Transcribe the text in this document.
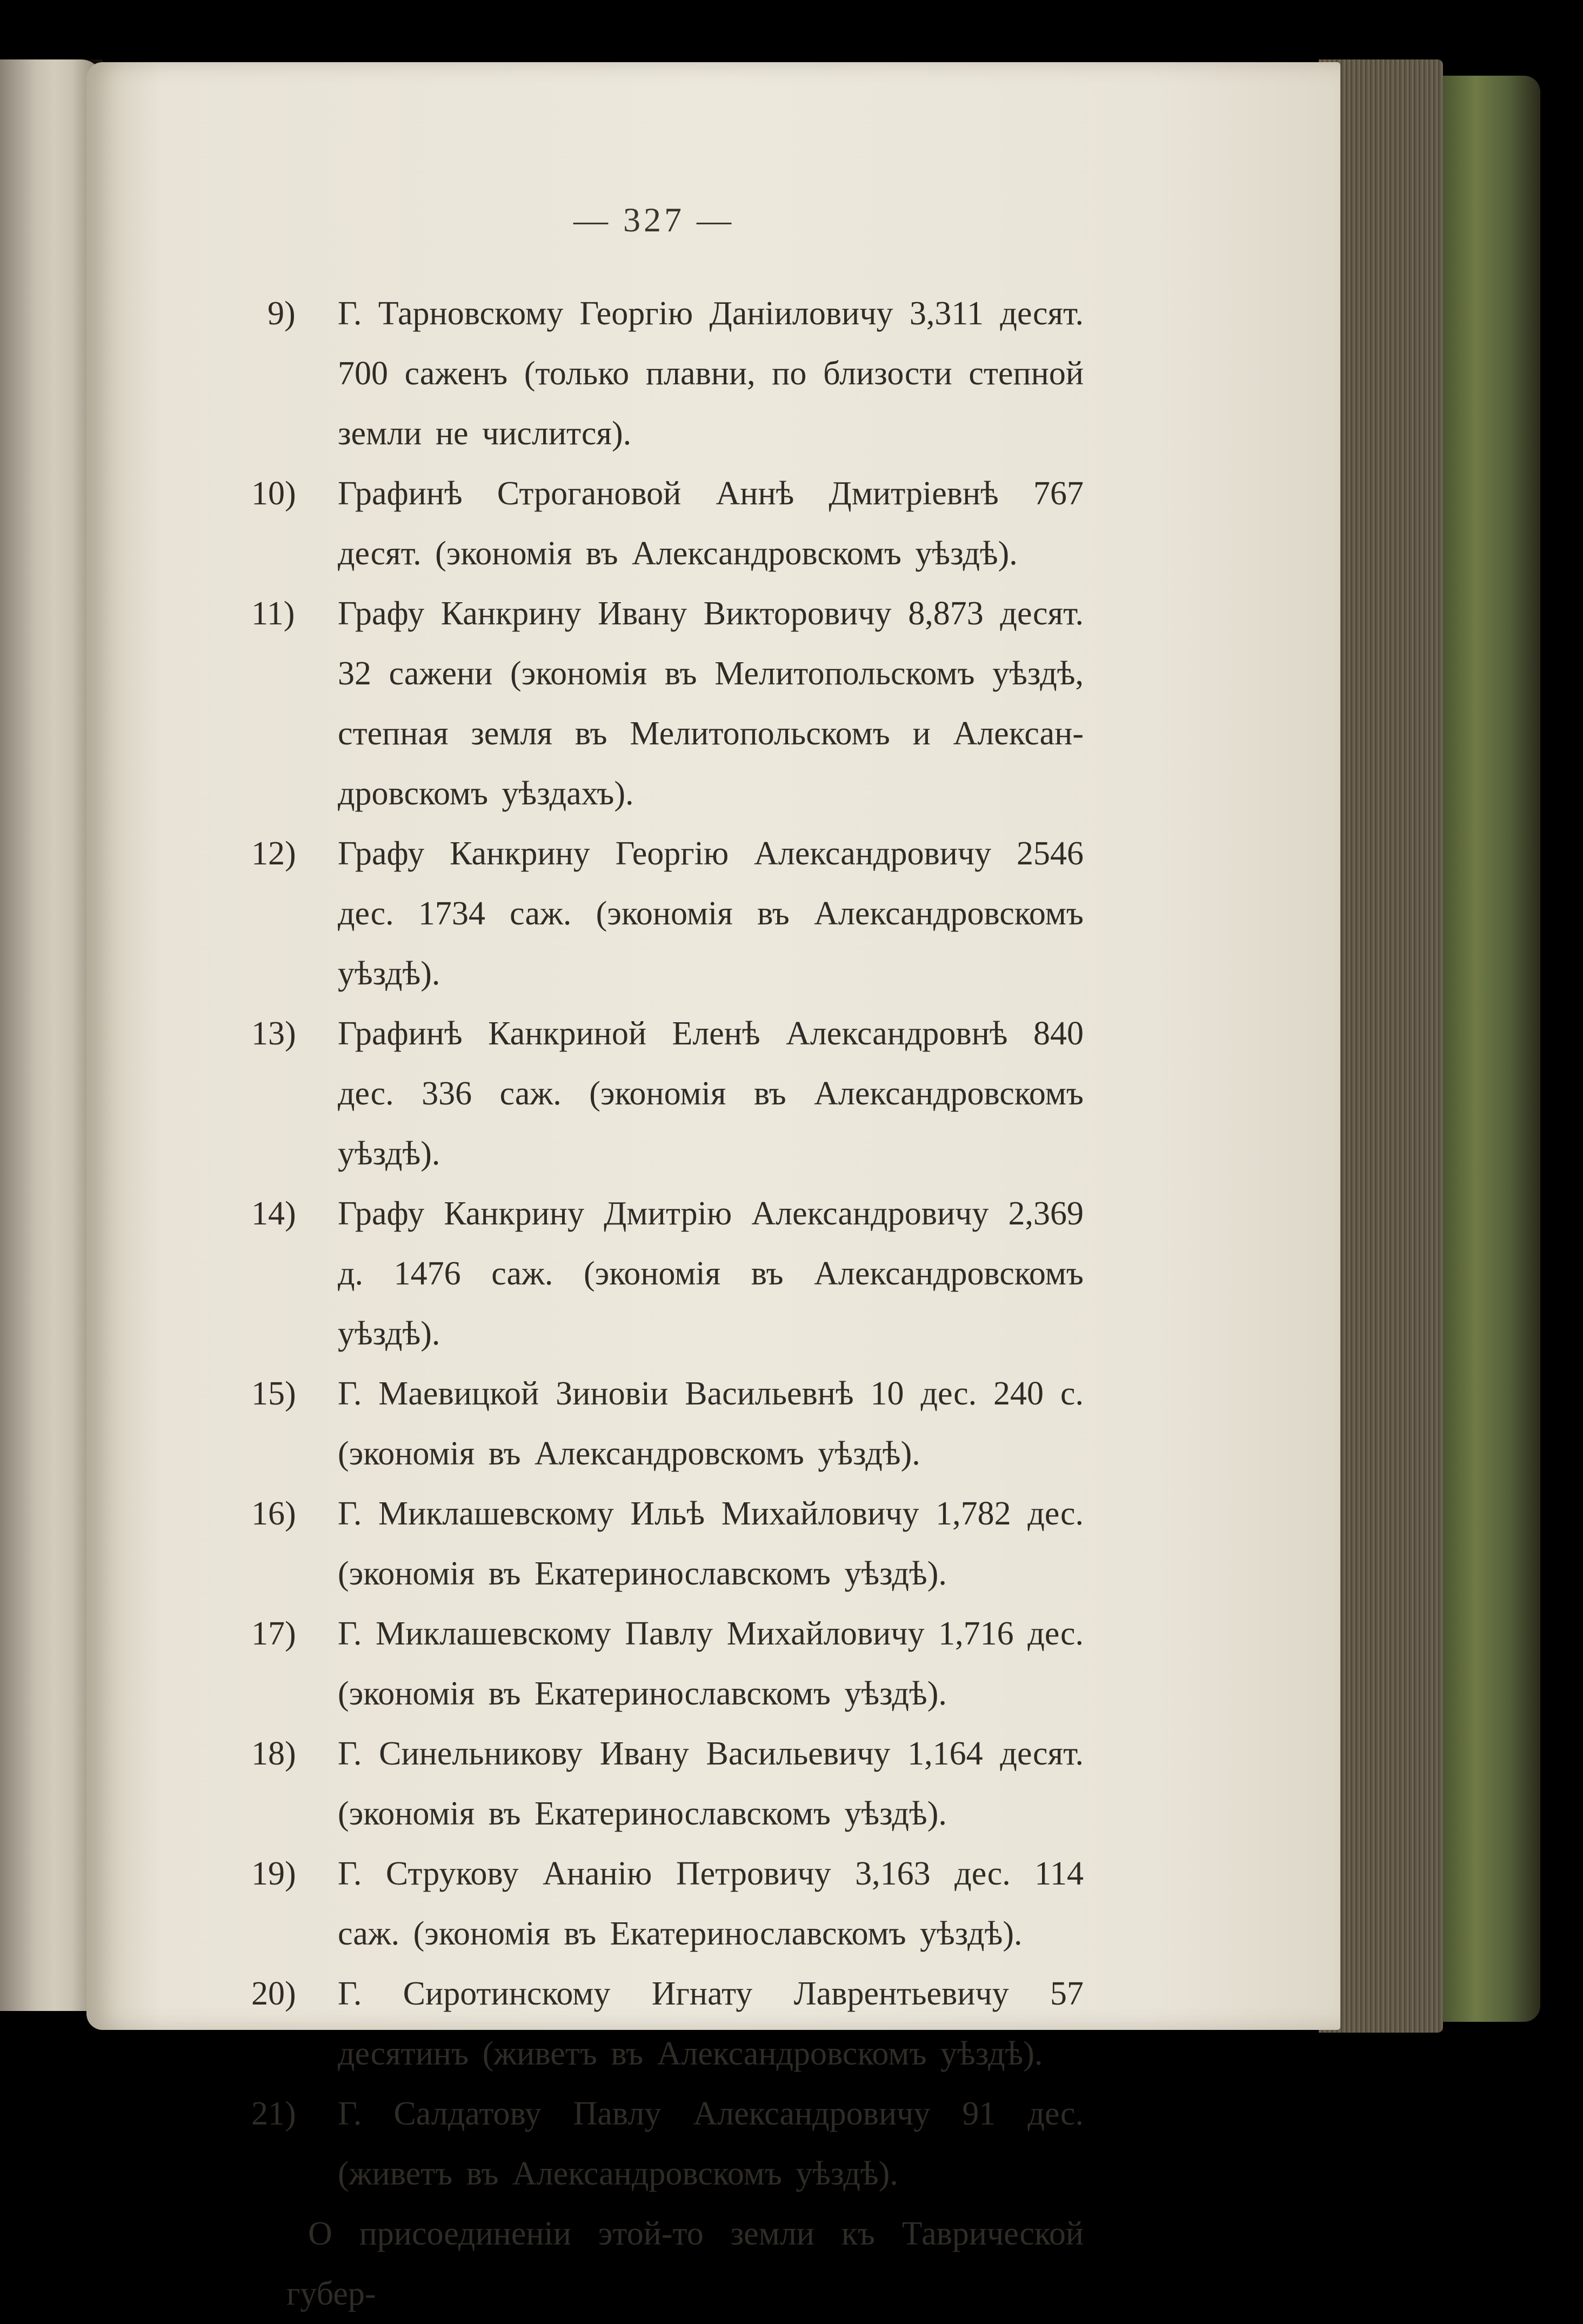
— 327 —
9)	Г. Тарновскому Георгію Даніиловичу 3,311 десят. 700 саженъ (только плавни, по близости степной земли не числится).
10)	Графинѣ Строгановой Аннѣ Дмитріевнѣ 767 десят. (экономія въ Александровскомъ уѣздѣ).
11)	Графу Канкрину Ивану Викторовичу 8,873 десят. 32 сажени (экономія въ Мелитопольскомъ уѣздѣ, степная земля въ Мелитопольскомъ и Алексан- дровскомъ уѣздахъ).
12)	Графу Канкрину Георгію Александровичу 2546 дес. 1734 саж. (экономія въ Александровскомъ уѣздѣ).
13)	Графинѣ Канкриной Еленѣ Александровнѣ 840 дес. 336 саж. (экономія въ Александровскомъ уѣздѣ).
14)	Графу Канкрину Дмитрію Александровичу 2,369 д. 1476 саж. (экономія въ Александровскомъ уѣздѣ).
15)	Г. Маевицкой Зиновіи Васильевнѣ 10 дес. 240 с. (экономія въ Александровскомъ уѣздѣ).
16)	Г. Миклашевскому Ильѣ Михайловичу 1,782 дес. (экономія въ Екатеринославскомъ уѣздѣ).
17)	Г. Миклашевскому Павлу Михайловичу 1,716 дес. (экономія въ Екатеринославскомъ уѣздѣ).
18)	Г. Синельникову Ивану Васильевичу 1,164 десят. (экономія въ Екатеринославскомъ уѣздѣ).
19)	Г. Струкову Ананію Петровичу 3,163 дес. 114 саж. (экономія въ Екатеринославскомъ уѣздѣ).
20)	Г. Сиротинскому Игнату Лаврентьевичу 57 десятинъ (живетъ въ Александровскомъ уѣздѣ).
21)	Г. Салдатову Павлу Александровичу 91 дес. (живетъ въ Александровскомъ уѣздѣ).
О присоединеніи этой-то земли къ Таврической губер-
